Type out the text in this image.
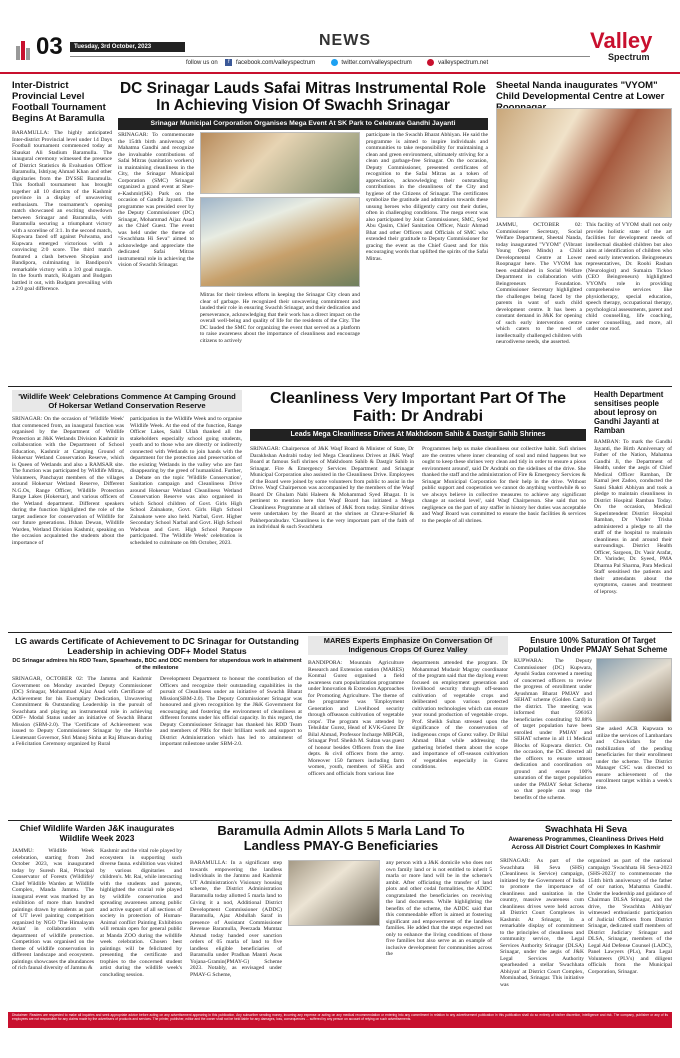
03	Tuesday, 3rd October, 2023	NEWS
follow us on f facebook.com/valleyspectrum	twitter.com/valleyspectrum	valleyspectrum.net
Valley
Spectrum
Inter-District Provincial Level Football Tournament Begins At Baramulla
BARAMULLA: The highly anticipated Inter-district Provincial level under 14 Days Football tournament commenced today at Shaukat Ali Stadium Baramulla. The inaugural ceremony witnessed the presence of District Statistics & Evaluation Officer Baramulla, Ishtiyaq Ahmad Khan and other dignitaries from the DYSSE Baramulla. This football tournament has brought together all 10 districts of the Kashmir province in a display of unwavering enthusiasm. The tournament's opening match showcased an exciting showdown between Srinagar and Baramulla, with Baramulla securing a triumphant victory with a scoreline of 3:1. In the second match, Kupwara faced off against Pulwama, and Kupwara emerged victorious with a convincing 2:0 score. The third match featured a clash between Shopian and Bandipora, culminating in Bandipora's remarkable victory with a 3:0 goal margin. In the fourth match, Kulgam and Budgam battled it out, with Budgam prevailing with a 2:0 goal difference.
DC Srinagar Lauds Safai Mitras Instrumental Role In Achieving Vision Of Swachh Srinagar
Srinagar Municipal Corporation Organises Mega Event At SK Park to Celebrate Gandhi Jayanti
SRINAGAR: To commemorate the 154th birth anniversary of Mahatma Gandhi and recognize the invaluable contributions of Safai Mitras (sanitation workers) in maintaining cleanliness in the City, the Srinagar Municipal Corporation (SMC) Srinagar organized a grand event at Sher-e-Kashmir(SK) Park on the occasion of Gandhi Jayanti. The programme was presided over by the Deputy Commissioner (DC) Srinagar, Mohammad Aijaz Asad as the Chief Guest. The event was held under the theme of "Swachhata Hi Seva" aimed to acknowledge and appreciate the dedicated Safai Mitras instrumental role in achieving the vision of Swachh Srinagar.
Mitras for their tireless efforts in keeping the Srinagar City clean and clear of garbage. He recognized their unwavering commitment and lauded their role in ensuring Swachh Srinagar, and their dedication and perseverance, acknowledging that their work has a direct impact on the overall well-being and quality of life for the residents of the City. The DC lauded the SMC for organizing the event that served as a platform to raise awareness about the importance of cleanliness and encourage citizens to actively
participate in the Swachh Bharat Abhiyan. He said the programme is aimed to inspire individuals and communities to take responsibility for maintaining a clean and green environment, ultimately striving for a clean and garbage-free Srinagar. On the occasion, Deputy Commissioner, presented certificates of recognition to the Safai Mitras as a token of appreciation, acknowledging their outstanding contributions in the cleanliness of the City and hygiene of the Citizens of Srinagar. The certificates symbolize the gratitude and admiration towards these unsung heroes who diligently carry out their duties, often in challenging conditions. The mega event was also participated by Joint Commissioner, SMC, Syed Abu Qasim, Chief Sanitation Officer, Nazir Ahmad Bhat and other Officers and Officials of SMC who extended their gratitude to Deputy Commissioner for gracing the event as the Chief Guest and for this encouraging words that uplifted the spirits of the Safai Mitras.
Sheetal Nanda inaugurates "VYOM" Child Developmental Centre at Lower
JAMMU, OCTOBER 02: Commissioner Secretary, Social Welfare Department, Sheetal Nanda, today inaugurated "VYOM" (Vibrant Young Open Minds) a Child Developmental Centre at Lower Roopnagar here. The VYOM has been established in Social Welfare Department in collaboration with Beingreneurs Foundation. Commissioner Secretary highlighted the challenges being faced by the parents in want of such child development centre. It has been a constant demand in J&K for opening of such early intervention centre which caters to the need of intellectually challenged children with neurodiverse needs, she asserted.
This facility of VYOM shall not only provide holistic state of the art facilities for development needs of intellectual disabled children but also aims at identification of children who need early intervention. Beingreneurs representatives, Dr. Roohi Rashan (Neurologist) and Sumaira Tickoo (CEO Beingreneurs) highlighted VYOM's role in providing comprehensive services like physiotherapy, special education, speech therapy, occupational therapy, psychological assessments, parent and child counselling, life coaching, career counselling, and more, all under one roof.
'Wildlife Week' Celebrations Commence At Camping Ground Of Hokersar Wetland Conservation Reserve
SRINAGAR: On the occasion of 'Wildlife Week' that commenced from, an inaugural function was organised by the Department of Wildlife Protection at J&K Wetlands Division Kashmir in collaboration with the Department of School Education, Kashmir at Camping Ground of Hokersar Wetland Conservation Reserve, which is Queen of Wetlands and also a RAMSAR site. The function was participated by Wildlife Mitras, Volunteers, Panchayat members of the villages around Hokersar Wetland Reserve, Different N.G.Os, Range Officer, Wildlife Protection Range Lakes (Hokersar), and various officers of the Wetland department. Different speakers during the function highlighted the role of the target audience for conservation of Wildlife for our future generations. Ifshan Dewan, Wildlife Warden, Wetland Division Kashmir, speaking on the occasion acquainted the students about the importance of
participation in the Wildlife Week and to organise Wildlife Week. At the end of the function, Range Officer Lakes, Sahil Ullah thanked all the stakeholders especially school going students, youth and to those who are directly or indirectly connected with Wetlands to join hands with the department for the protection and preservation of the existing Wetlands in the valley who are fast disappearing by the greed of humankind. Further, a Debate on the topic 'Wildlife Conservation', Sanitation campaign and Cleanliness Drive around Hokersar Wetland Cleanliness Wetland Conservation Reserve was also organised in which School children of Govt. Girls High School Zainakote, Govt. Girls High School Zainakote were also held. Narbal, Govt. Higher Secondary School Narbal and Govt. High School Wadwan and Govt. High School Pampore participated. The 'Wildlife Week' celebration is scheduled to culminate on 8th October, 2023.
Cleanliness Very Important Part Of The Faith: Dr Andrabi
Leads Mega Cleanliness Drives At Makhdoom Sahib & Dastgir Sahib Shrines
SRINAGAR: Chairperson of J&K Waqf Board & Minister of State, Dr Darakhshan Andrabi today led Mega Cleanliness Drives at J&K Waqf Board at famous Sufi shrines of Makhdoom Sahib & Dastgir Sahib in Srinagar. Fire & Emergency Services Department and Srinagar Municipal Corporation also assisted in the Cleanliness Drive. Employees of the Board were joined by some volunteers from public to assist in the Drive. Waqf Chairperson was accompanied by the members of the Waqf Board Dr Ghulam Nabi Haleem & Mohammad Syed Bhagat. It is pertinent to mention here that Waqf Board has initiated a Mega Cleanliness Programme at all shrines of J&K from today. Similar drives were undertaken by the Board at the shrines at Chrar-e-Sharief & Pakherporabudav. 'Cleanliness is the very important part of the faith of an individual & such Swachheta
Programmes help us make cleanliness our collective habit. Sufi shrines are the centres where inner cleansing of soul and mind happens but we ought to keep these shrines very clean and tidy in order to ensure a pious environment around', said Dr Andrabi on the sidelines of the drive. She thanked the staff and the administration of Fire & Emergency Services & Srinagar Municipal Corporation for their help in the drive. 'Without public support and cooperation we cannot do anything worthwhile & so we always believe in collective measures to achieve any significant change at societal level', said Waqf Chairperson. She said that no negligence on the part of any staffer in history her duties was acceptable and Waqf Board was committed to ensure the basic facilities & services to the people of all shrines.
Health Department sensitises people about leprosy on Gandhi Jayanti at Ramban
RAMBAN: To mark the Gandhi Jayanti, the Birth Anniversary of Father of the Nation, Mahatma Gandhi Ji, the Department of Health, under the aegis of Chief Medical Officer Ramban, Dr Kamal jeet Zadoo, conducted the Sansi Shakti Abhiyan and took a pledge to maintain cleanliness in District Hospital Ramban Today. On the occasion, Medical Superintendent District Hospital Ramban, Dr Vinder Trisha administered a pledge to all the staff of the hospital to maintain cleanliness in and around their surroundings. District Health Officer, Sargeon, Dr. Vasir Arafat, Dr. Varinder, Dr. Syeed, PMA Dharma Pal Sharma, Para Medical Staff sensitised the patients and their attendants about the symptoms, causes and treatment of leprosy.
LG awards Certificate of Achievement to DC Srinagar for Outstanding Leadership in achieving ODF+ Model Status
DC Srinagar admires his RDD Team, Spearheads, BDC and DDC members for stupendous work in attainment of the milestone
SRINAGAR, OCTOBER 02: The Jammu and Kashmir Government on Monday awarded Deputy Commissioner (DC) Srinagar, Mohammad Aijaz Asad with Certificate of Achievement for his Exemplary Dedication, Unwavering Commitment & Outstanding Leadership in the pursuit of Swachhata and playing an instrumental role in achieving ODF+ Modal Status under an initiative of Swachh Bharat Mission (SBM-2.0). The 'Certificate of Achievement was issued to Deputy Commissioner Srinagar by the Hon'ble Lieutenant Governor, Shri Manoj Sinha at Raj Bhawan during a Felicitation Ceremony organized by Rural
Development Department to honour the contribution of the Officers and recognize their outstanding capabilities in the pursuit of Cleanliness under an initiative of Swachh Bharat Mission(SBM-2.0). The Deputy Commissioner Srinagar was honoured and given recognition by the J&K Government for encouraging and fostering the environment of cleanliness at different forums under his official capacity. In this regard, the Deputy Commissioner Srinagar has thanked his RDD Team and members of PRIs for their brilliant work and support to District Administration which has led to attainment of important milestone under SBM-2.0.
MARES Experts Emphasize On Conversation Of Indigenous Crops Of Gurez Valley
BANDIPORA: Mountain Agriculture Research and Extension station (MARES) Konmal Gurez organised a field awareness cum popularization programme under Innovation & Extension Approaches for Promoting Agriculture. The theme of the programme was 'Employment Generation and Livelihood security through offseason cultivation of vegetable crops'. The program was attended by Tehsildar Gurez, Head of KVK-Gurez Dr Bilal Ahmad, Professor Incharge MRPGR, Srinagar Prof. Sheikh M. Sultan was guest of honour besides Officers from the line depts. & civil officers from the army. Moreover 150 farmers including farm women, youth, members of SHGs and officers and officials from various line
departments attended the program. Dr Mohammad Mudasir Magray coordinator of the program said that the daylong event focused on employment generation and livelihood security through off-season cultivation of vegetable crops and deliberated upon various protected cultivation technologies which can ensure year round production of vegetable crops. Prof. Sheikh Sultan stressed upon the significance of the conservation of indigenous crops of Gurez valley. Dr Bilal Ahmad Bhat while addressing the gathering briefed them about the scope and importance of off-season cultivation of vegetables especially in Gurez conditions.
Ensure 100% Saturation Of Target Population Under PMJAY Sehat Scheme
KUPWARA: The Deputy Commissioner (DC) Kupwara, Ayushi Sudan convened a meeting of concerned officers to review the progress of enrollment under Ayushman Bharat PMJAY and SEHAT scheme (Golden Card) in the district. The meeting was informed that 596163 beneficiaries constituting 92.88% of target population have been enrolled under PMJAY and SEHAT scheme in all 11 Medical Blocks of Kupwara district. On the occasion, the DC directed all the officers to ensure utmost dedication and coordination on ground and ensure 100% saturation of the target population under the PMJAY Sehat Scheme so that people can reap the benefits of the scheme.
She asked ACR Kupwara to utilize the services of Lambardars and Chowkidars for the mobilization of the pending beneficiaries for their enrollment under the scheme. The District Manager CSC was directed to ensure achievement of the enrollment target within a week's time.
Chief Wildlife Warden J&K inaugurates Wildlife Week 2023
JAMMU: Wildlife Week celebration, starting from 2nd October 2023, was inaugurated today by Suresh Rai, Principal Conservator of Forests (Wildlife)/ Chief Wildlife Warden at Wildlife Complex, Manda Jammu. The inaugural event was marked by an exhibition of more than hundred paintings drawn by students as part of UT level painting competition organized by NGO 'The Himalayan Avian' in collaboration with department of wildlife protection. Competition was organised on the theme of wildlife conservation in different landscape and ecosystem. paintings showcases the abundances of rich faunal diversity of Jammu &
Kashmir and the vital role played by ecosystem in supporting such diverse fauna. exhibition was visited by various dignitaries and children's. Mr. Rai, while interacting with the students and parents, highlighted the crucial role played by wildlife conservation and spreading awareness among public and active support of all sections of society in protection of Human-Animal conflict Painting Exhibition will remain open for general public at Manda ZOO during the wildlife week celebration. Chosen best paintings will be felicitated by presenting the certificate and trophies to the concerned student artist during the wildlife week's concluding session.
Baramulla Admin Allots 5 Marla Land To Landless PMAY-G Beneficiaries
BARAMULLA: In a significant step towards empowering the landless individuals in the Jammu and Kashmir UT Administration's Visionary housing scheme, the District Administration Baramulla today allotted 5 marla land to
Giving it a nod, Additional District Development Commissioner (ADDC) Baramulla, Ajaz Abdullah Saraf in presence of Assistant Commissioner Revenue Baramulla, Peerzada Mumtaz Ahmad today handed over sanction orders of 05 marla of land to five landless eligible beneficiaries of Baramulla under Pradhan Mantri Awas Yojana-Gramin(PMAY-G) Scheme 2023. Notably, as envisaged under PMAY-G Scheme,
any person with a J&K domicile who does not own family land or is not entitled to inherit 5 marla or more land will be in the scheme's ambit. After officiating the transfer of land plots and other codal formalities, the ADDC congratulated the beneficiaries on receiving the land documents. While highlighting the benefits of the scheme, the ADDC said that this commendable effort is aimed at fostering significant and empowerment of the landless families. He added that the steps expected not only to enhance the living conditions of those five families but also serve as an example of inclusive development for communities across the
Swachhata Hi Seva
Awareness Programmes, Cleanliness Drives Held Across All District Court Complexes In Kashmir
SRINAGAR: As part of the Swachhata Hi Seva (SHS) (Cleanliness is Service) campaign, initiated by the Government of India to promote the importance of cleanliness and sanitation in the country, massive awareness cum cleanliness drives were held across all District Court Complexes in Kashmir. At Srinagar, in a remarkable display of commitment to the principles of cleanliness and community service, the Legal Services Authority Srinagar (DLSA) Srinagar, under the aegis of J&K Legal Services Authority spearheaded a stellar 'Swachhata Abhiyan' at District Court Complex, Mominabad, Srinagar. This initiative was
organized as part of the national campaign 'Swachhata Hi Seva-2023 (SHS-2023)' to commemorate the 154th birth anniversary of the father of our nation, Mahatma Gandhi. Under the leadership and guidance of Chairman DLSA Srinagar, and the drive, the 'Swachhta Abhiyan' witnessed enthusiastic participation of Judicial Officers from District Srinagar, dedicated staff members of District Judiciary Srinagar and DLSA, Srinagar, members of the Legal Aid Defense Counsel (LADC), Panel Lawyers (PLs), Para Legal Volunteers (PLVs) and diligent officials from the Municipal Corporation, Srinagar.
Disclaimer: Readers are requested to make all inquiries and seek appropriate advice before acting on any advertisement appearing in this publication. Any subscriber sending money, incurring any expense or acting on any medical recommendation or entering into any commitment in relation to any advertisement publication in this publication shall do so entirely at his/her discretion, intelligence and risk. The company, publisher or any of its employees are not responsible for any claims made by the advertisers of products and services. The printer, publisher, editor and the owner shall not be held liable for any damages, loss, consequences ... suffered by any person on account of relying on such advertisements.
